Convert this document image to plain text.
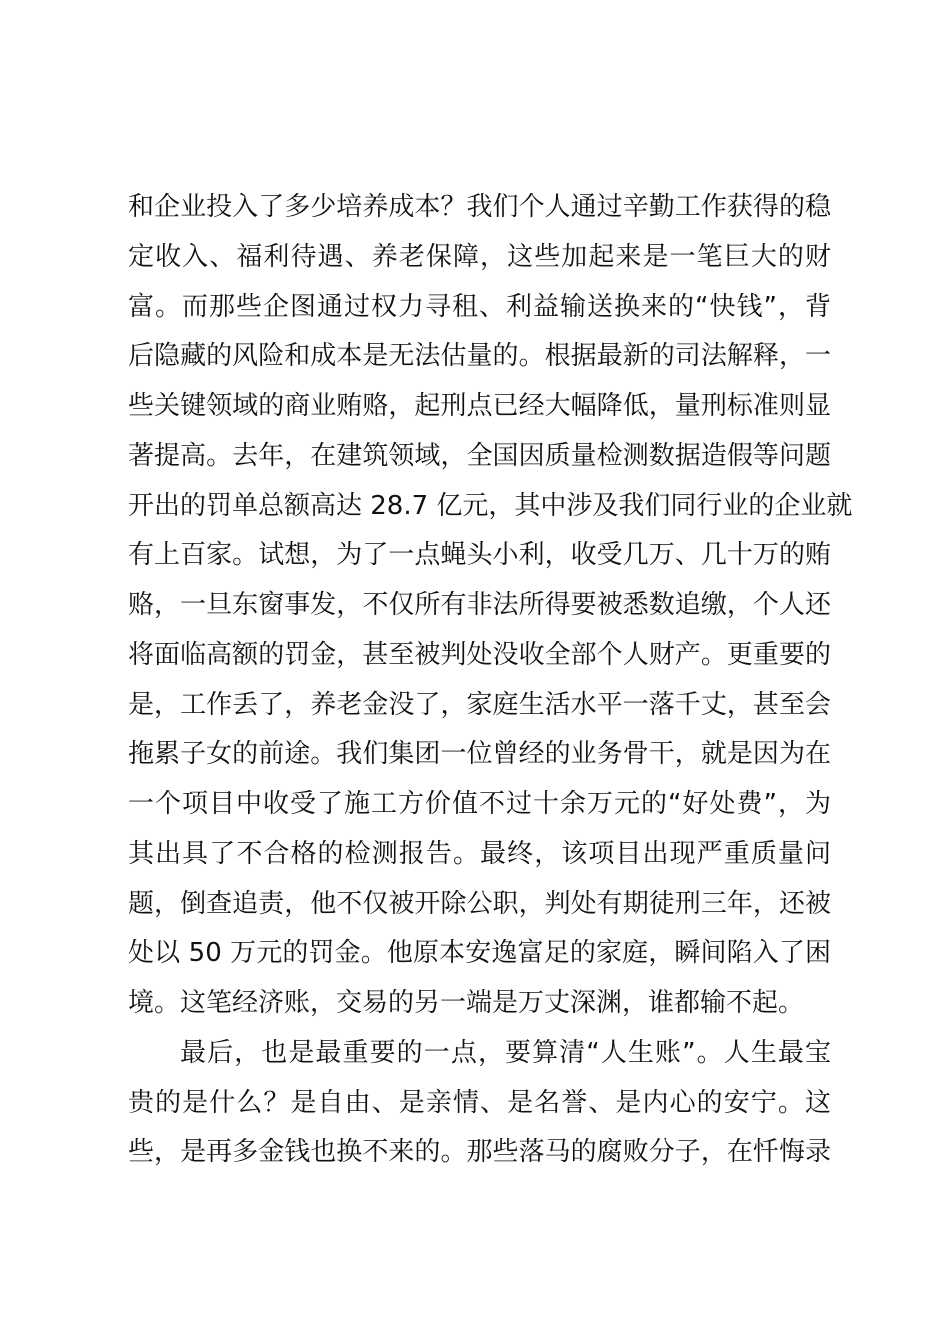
和企业投入了多少培养成本？我们个人通过辛勤工作获得的稳
定收入、福利待遇、养老保障，这些加起来是一笔巨大的财
富。而那些企图通过权力寻租、利益输送换来的“快钱”，背
后隐藏的风险和成本是无法估量的。根据最新的司法解释，一
些关键领域的商业贿赂，起刑点已经大幅降低，量刑标准则显
著提高。去年，在建筑领域，全国因质量检测数据造假等问题
开出的罚单总额高达 28.7 亿元，其中涉及我们同行业的企业就
有上百家。试想，为了一点蝇头小利，收受几万、几十万的贿
赂，一旦东窗事发，不仅所有非法所得要被悉数追缴，个人还
将面临高额的罚金，甚至被判处没收全部个人财产。更重要的
是，工作丢了，养老金没了，家庭生活水平一落千丈，甚至会
拖累子女的前途。我们集团一位曾经的业务骨干，就是因为在
一个项目中收受了施工方价值不过十余万元的“好处费”，为
其出具了不合格的检测报告。最终，该项目出现严重质量问
题，倒查追责，他不仅被开除公职，判处有期徒刑三年，还被
处以 50 万元的罚金。他原本安逸富足的家庭，瞬间陷入了困
境。这笔经济账，交易的另一端是万丈深渊，谁都输不起。
最后，也是最重要的一点，要算清“人生账”。人生最宝
贵的是什么？是自由、是亲情、是名誉、是内心的安宁。这
些，是再多金钱也换不来的。那些落马的腐败分子，在忏悔录
